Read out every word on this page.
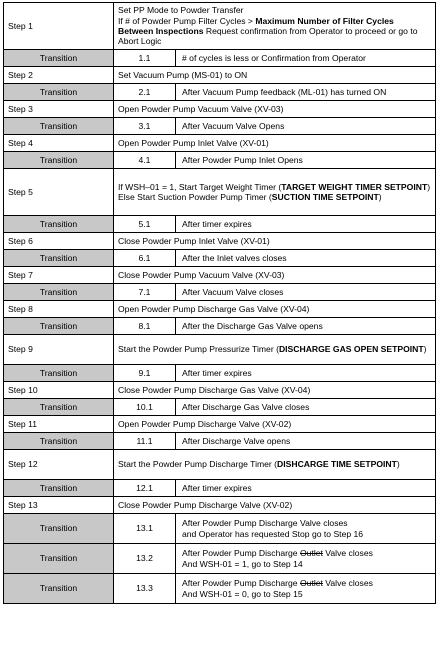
Step 1	Set PP Mode to Powder Transfer
If # of Powder Pump Filter Cycles > Maximum Number of Filter Cycles Between Inspections Request confirmation from Operator to proceed or go to Abort Logic	

Transition	1.1	# of cycles is less or Confirmation from Operator
Step 2	Set Vacuum Pump (MS-01) to ON	
Transition	2.1	After Vacuum Pump feedback (ML-01) has turned ON
Step 3	Open Powder Pump Vacuum Valve (XV-03)	
Transition	3.1	After Vacuum Valve Opens
Step 4	Open Powder Pump Inlet Valve (XV-01)	
Transition	4.1	After Powder Pump Inlet Opens
Step 5	If WSH–01 = 1, Start Target Weight Timer (TARGET WEIGHT TIMER SETPOINT)
Else Start Suction Powder Pump Timer (SUCTION TIME SETPOINT)	

Transition	5.1	After timer expires
Step 6	Close Powder Pump Inlet Valve (XV-01)	
Transition	6.1	After the Inlet valves closes
Step 7	Close Powder Pump Vacuum Valve (XV-03)	
Transition	7.1	After Vacuum Valve closes
Step 8	Open Powder Pump Discharge Gas Valve (XV-04)	
Transition	8.1	After the Discharge Gas Valve opens
Step 9	Start the Powder Pump Pressurize Timer (DISCHARGE GAS OPEN SETPOINT)	
Transition	9.1	After timer expires
Step 10	Close Powder Pump Discharge Gas Valve (XV-04)	
Transition	10.1	After Discharge Gas Valve closes
Step 11	Open Powder Pump Discharge Valve (XV-02)	
Transition	11.1	After Discharge Valve opens
Step 12	Start the Powder Pump Discharge Timer (DISHCARGE TIME SETPOINT)	
Transition	12.1	After timer expires
Step 13	Close Powder Pump Discharge Valve (XV-02)	
Transition	13.1	After Powder Pump Discharge Valve closes
and Operator has requested Stop go to Step 16

Transition	13.2	After Powder Pump Discharge Outlet Valve closes
And WSH-01 = 1, go to Step 14

Transition	13.3	After Powder Pump Discharge Outlet Valve closes
And WSH-01 = 0, go to Step 15
